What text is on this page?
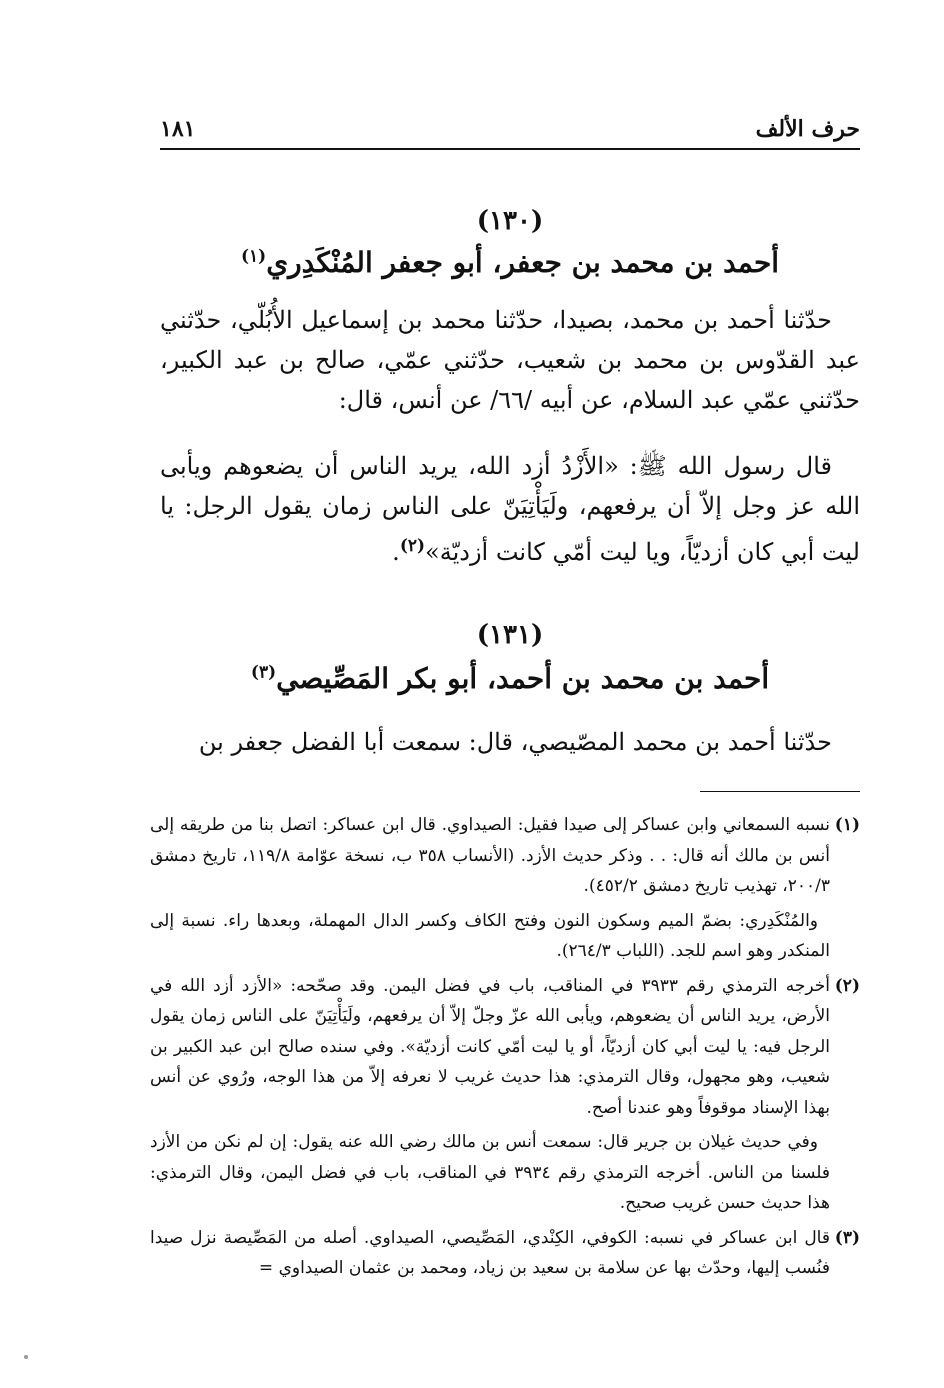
حرف الألف
١٨١
(١٣٠)
أحمد بن محمد بن جعفر، أبو جعفر المُنْكَدِري$^{(١)}$
حدّثنا أحمد بن محمد، بصيدا، حدّثنا محمد بن إسماعيل الأُبُلّي، حدّثني عبد القدّوس بن محمد بن شعيب، حدّثني عمّي، صالح بن عبد الكبير، حدّثني عمّي عبد السلام، عن أبيه /٦٦/ عن أنس، قال:
قال رسول الله ﷺ: «الأَزْدُ أزد الله، يريد الناس أن يضعوهم ويأبى الله عز وجل إلاّ أن يرفعهم، ولَيَأْتِيَنّ على الناس زمان يقول الرجل: يا ليت أبي كان أزديّاً، ويا ليت أمّي كانت أزديّة»$^{(٢)}$.
(١٣١)
أحمد بن محمد بن أحمد، أبو بكر المَصِّيصي$^{(٣)}$
حدّثنا أحمد بن محمد المصّيصي، قال: سمعت أبا الفضل جعفر بن

(١)نسبه السمعاني وابن عساكر إلى صيدا فقيل: الصيداوي. قال ابن عساكر: اتصل بنا من طريقه إلى أنس بن مالك أنه قال: . . وذكر حديث الأزد. (الأنساب ٣٥٨ ب، نسخة عوّامة ١١٩/٨، تاريخ دمشق ٢٠٠/٣، تهذيب تاريخ دمشق ٤٥٢/٢).

والمُنْكَدِري: بضمّ الميم وسكون النون وفتح الكاف وكسر الدال المهملة، وبعدها راء. نسبة إلى المنكدر وهو اسم للجد. (اللباب ٢٦٤/٣).

(٢)أخرجه الترمذي رقم ٣٩٣٣ في المناقب، باب في فضل اليمن. وقد صحّحه: «الأزد أزد الله في الأرض، يريد الناس أن يضعوهم، ويأبى الله عزّ وجلّ إلاّ أن يرفعهم، ولَيَأْتِيَنّ على الناس زمان يقول الرجل فيه: يا ليت أبي كان أزديّاً، أو يا ليت أمّي كانت أزديّة». وفي سنده صالح ابن عبد الكبير بن شعيب، وهو مجهول، وقال الترمذي: هذا حديث غريب لا نعرفه إلاّ من هذا الوجه، ورُوي عن أنس بهذا الإسناد موقوفاً وهو عندنا أصح.

وفي حديث غيلان بن جرير قال: سمعت أنس بن مالك رضي الله عنه يقول: إن لم نكن من الأزد فلسنا من الناس. أخرجه الترمذي رقم ٣٩٣٤ في المناقب، باب في فضل اليمن، وقال الترمذي: هذا حديث حسن غريب صحيح.

(٣)قال ابن عساكر في نسبه: الكوفي، الكِنْدي، المَصِّيصي، الصيداوي. أصله من المَصِّيصة نزل صيدا فنُسب إليها، وحدّث بها عن سلامة بن سعيد بن زياد، ومحمد بن عثمان الصيداوي =
